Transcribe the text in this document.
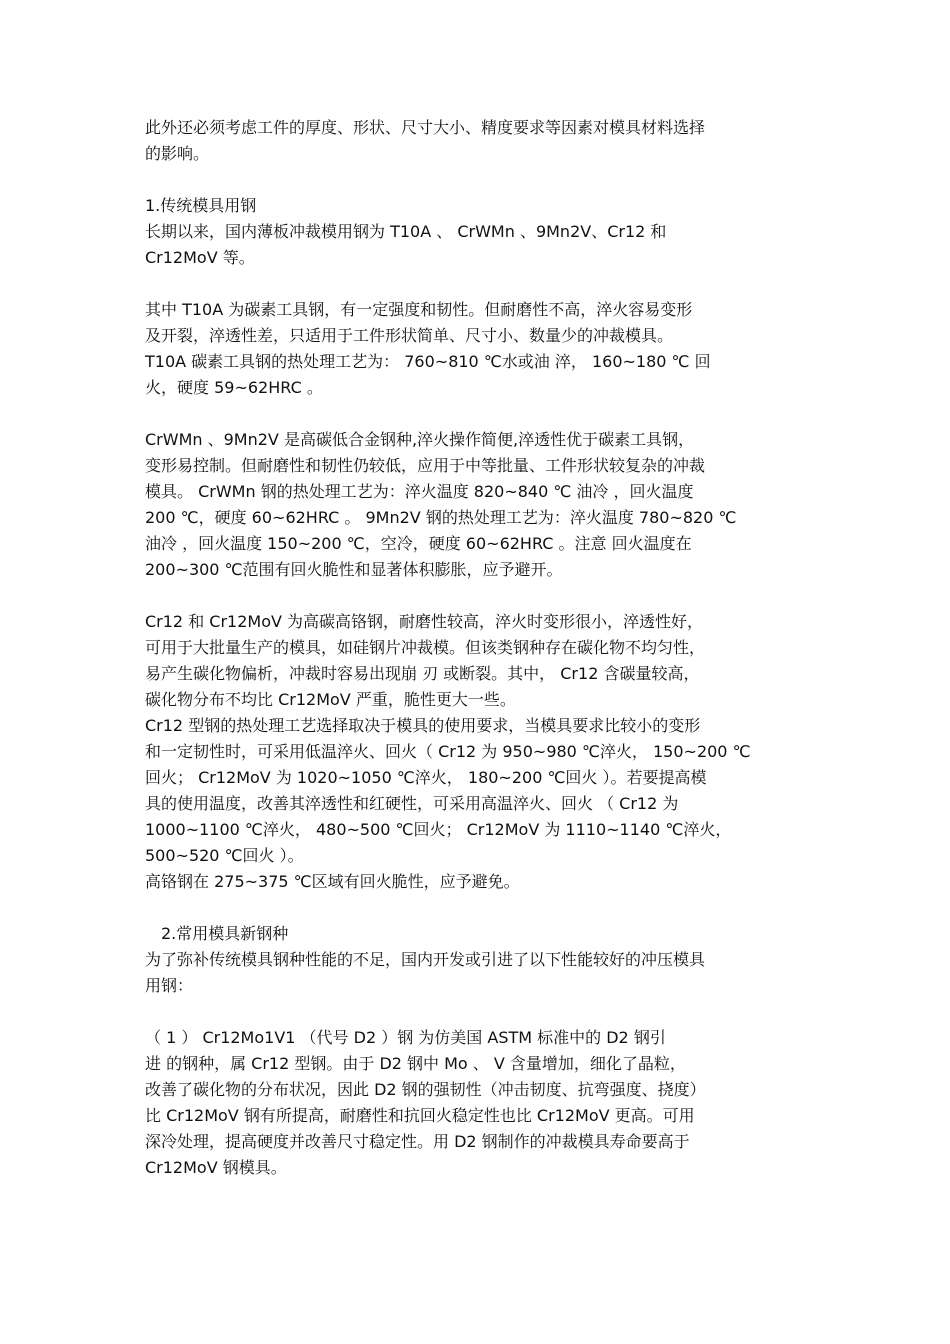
此外还必须考虑工件的厚度、形状、尺寸大小、精度要求等因素对模具材料选择
的影响。
1.传统模具用钢
长期以来，国内薄板冲裁模用钢为 T10A 、 CrWMn 、9Mn2V、Cr12 和
Cr12MoV 等。
其中 T10A 为碳素工具钢，有一定强度和韧性。但耐磨性不高，淬火容易变形
及开裂，淬透性差，只适用于工件形状简单、尺寸小、数量少的冲裁模具。
T10A 碳素工具钢的热处理工艺为： 760~810 ℃水或油 淬， 160~180 ℃ 回
火，硬度 59~62HRC 。
CrWMn 、9Mn2V 是高碳低合金钢种,淬火操作简便,淬透性优于碳素工具钢，
变形易控制。但耐磨性和韧性仍较低，应用于中等批量、工件形状较复杂的冲裁
模具。 CrWMn 钢的热处理工艺为：淬火温度 820~840 ℃ 油冷 ，回火温度
200 ℃，硬度 60~62HRC 。 9Mn2V 钢的热处理工艺为：淬火温度 780~820 ℃
油冷 ，回火温度 150~200 ℃，空冷，硬度 60~62HRC 。注意 回火温度在
200~300 ℃范围有回火脆性和显著体积膨胀，应予避开。
Cr12 和 Cr12MoV 为高碳高铬钢，耐磨性较高，淬火时变形很小，淬透性好，
可用于大批量生产的模具，如硅钢片冲裁模。但该类钢种存在碳化物不均匀性，
易产生碳化物偏析，冲裁时容易出现崩 刃 或断裂。其中， Cr12 含碳量较高，
碳化物分布不均比 Cr12MoV 严重，脆性更大一些。
Cr12 型钢的热处理工艺选择取决于模具的使用要求，当模具要求比较小的变形
和一定韧性时，可采用低温淬火、回火（ Cr12 为 950~980 ℃淬火， 150~200 ℃
回火； Cr12MoV 为 1020~1050 ℃淬火， 180~200 ℃回火 ）。若要提高模
具的使用温度，改善其淬透性和红硬性，可采用高温淬火、回火 （ Cr12 为
1000~1100 ℃淬火， 480~500 ℃回火； Cr12MoV 为 1110~1140 ℃淬火，
500~520 ℃回火 ）。
高铬钢在 275~375 ℃区域有回火脆性，应予避免。
2.常用模具新钢种
为了弥补传统模具钢种性能的不足，国内开发或引进了以下性能较好的冲压模具
用钢：
（ 1 ） Cr12Mo1V1 （代号 D2 ）钢 为仿美国 ASTM 标准中的 D2 钢引
进 的钢种，属 Cr12 型钢。由于 D2 钢中 Mo 、 V 含量增加，细化了晶粒，
改善了碳化物的分布状况，因此 D2 钢的强韧性（冲击韧度、抗弯强度、挠度）
比 Cr12MoV 钢有所提高，耐磨性和抗回火稳定性也比 Cr12MoV 更高。可用
深冷处理，提高硬度并改善尺寸稳定性。用 D2 钢制作的冲裁模具寿命要高于
Cr12MoV 钢模具。
